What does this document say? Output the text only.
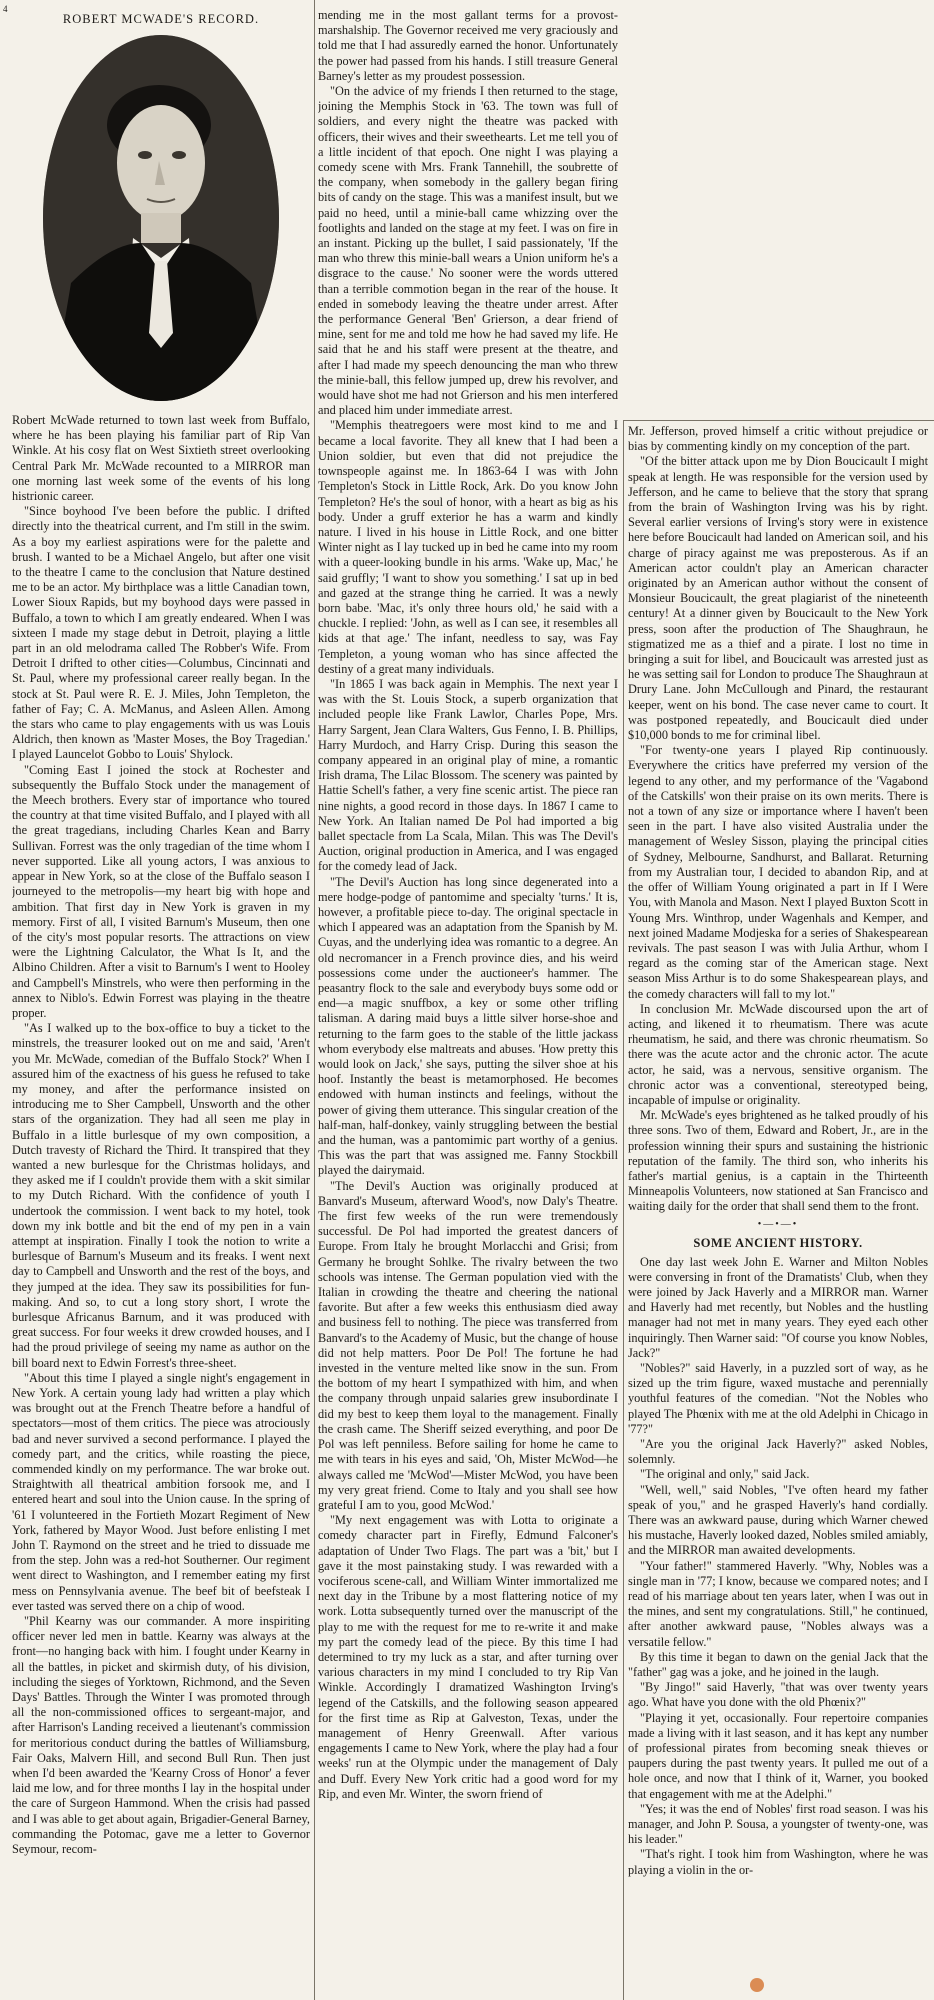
4
ROBERT MCWADE'S RECORD.

Robert McWade returned to town last week from Buffalo, where he has been playing his familiar part of Rip Van Winkle. At his cosy flat on West Sixtieth street overlooking Central Park Mr. McWade recounted to a MIRROR man one morning last week some of the events of his long histrionic career.

"Since boyhood I've been before the public. I drifted directly into the theatrical current, and I'm still in the swim. As a boy my earliest aspirations were for the palette and brush. I wanted to be a Michael Angelo, but after one visit to the theatre I came to the conclusion that Nature destined me to be an actor. My birthplace was a little Canadian town, Lower Sioux Rapids, but my boyhood days were passed in Buffalo, a town to which I am greatly endeared. When I was sixteen I made my stage debut in Detroit, playing a little part in an old melodrama called The Robber's Wife. From Detroit I drifted to other cities—Columbus, Cincinnati and St. Paul, where my professional career really began. In the stock at St. Paul were R. E. J. Miles, John Templeton, the father of Fay; C. A. McManus, and Asleen Allen. Among the stars who came to play engagements with us was Louis Aldrich, then known as 'Master Moses, the Boy Tragedian.' I played Launcelot Gobbo to Louis' Shylock.

"Coming East I joined the stock at Rochester and subsequently the Buffalo Stock under the management of the Meech brothers. Every star of importance who toured the country at that time visited Buffalo, and I played with all the great tragedians, including Charles Kean and Barry Sullivan. Forrest was the only tragedian of the time whom I never supported. Like all young actors, I was anxious to appear in New York, so at the close of the Buffalo season I journeyed to the metropolis—my heart big with hope and ambition. That first day in New York is graven in my memory. First of all, I visited Barnum's Museum, then one of the city's most popular resorts. The attractions on view were the Lightning Calculator, the What Is It, and the Albino Children. After a visit to Barnum's I went to Hooley and Campbell's Minstrels, who were then performing in the annex to Niblo's. Edwin Forrest was playing in the theatre proper.

"As I walked up to the box-office to buy a ticket to the minstrels, the treasurer looked out on me and said, 'Aren't you Mr. McWade, comedian of the Buffalo Stock?' When I assured him of the exactness of his guess he refused to take my money, and after the performance insisted on introducing me to Sher Campbell, Unsworth and the other stars of the organization. They had all seen me play in Buffalo in a little burlesque of my own composition, a Dutch travesty of Richard the Third. It transpired that they wanted a new burlesque for the Christmas holidays, and they asked me if I couldn't provide them with a skit similar to my Dutch Richard. With the confidence of youth I undertook the commission. I went back to my hotel, took down my ink bottle and bit the end of my pen in a vain attempt at inspiration. Finally I took the notion to write a burlesque of Barnum's Museum and its freaks. I went next day to Campbell and Unsworth and the rest of the boys, and they jumped at the idea. They saw its possibilities for fun-making. And so, to cut a long story short, I wrote the burlesque Africanus Barnum, and it was produced with great success. For four weeks it drew crowded houses, and I had the proud privilege of seeing my name as author on the bill board next to Edwin Forrest's three-sheet.

"About this time I played a single night's engagement in New York. A certain young lady had written a play which was brought out at the French Theatre before a handful of spectators—most of them critics. The piece was atrociously bad and never survived a second performance. I played the comedy part, and the critics, while roasting the piece, commended kindly on my performance. The war broke out. Straightwith all theatrical ambition forsook me, and I entered heart and soul into the Union cause. In the spring of '61 I volunteered in the Fortieth Mozart Regiment of New York, fathered by Mayor Wood. Just before enlisting I met John T. Raymond on the street and he tried to dissuade me from the step. John was a red-hot Southerner. Our regiment went direct to Washington, and I remember eating my first mess on Pennsylvania avenue. The beef bit of beefsteak I ever tasted was served there on a chip of wood.

"Phil Kearny was our commander. A more inspiriting officer never led men in battle. Kearny was always at the front—no hanging back with him. I fought under Kearny in all the battles, in picket and skirmish duty, of his division, including the sieges of Yorktown, Richmond, and the Seven Days' Battles. Through the Winter I was promoted through all the non-commissioned offices to sergeant-major, and after Harrison's Landing received a lieutenant's commission for meritorious conduct during the battles of Williamsburg, Fair Oaks, Malvern Hill, and second Bull Run. Then just when I'd been awarded the 'Kearny Cross of Honor' a fever laid me low, and for three months I lay in the hospital under the care of Surgeon Hammond. When the crisis had passed and I was able to get about again, Brigadier-General Barney, commanding the Potomac, gave me a letter to Governor Seymour, recom-

mending me in the most gallant terms for a provost-marshalship. The Governor received me very graciously and told me that I had assuredly earned the honor. Unfortunately the power had passed from his hands. I still treasure General Barney's letter as my proudest possession.

"On the advice of my friends I then returned to the stage, joining the Memphis Stock in '63. The town was full of soldiers, and every night the theatre was packed with officers, their wives and their sweethearts. Let me tell you of a little incident of that epoch. One night I was playing a comedy scene with Mrs. Frank Tannehill, the soubrette of the company, when somebody in the gallery began firing bits of candy on the stage. This was a manifest insult, but we paid no heed, until a minie-ball came whizzing over the footlights and landed on the stage at my feet. I was on fire in an instant. Picking up the bullet, I said passionately, 'If the man who threw this minie-ball wears a Union uniform he's a disgrace to the cause.' No sooner were the words uttered than a terrible commotion began in the rear of the house. It ended in somebody leaving the theatre under arrest. After the performance General 'Ben' Grierson, a dear friend of mine, sent for me and told me how he had saved my life. He said that he and his staff were present at the theatre, and after I had made my speech denouncing the man who threw the minie-ball, this fellow jumped up, drew his revolver, and would have shot me had not Grierson and his men interfered and placed him under immediate arrest.

"Memphis theatregoers were most kind to me and I became a local favorite. They all knew that I had been a Union soldier, but even that did not prejudice the townspeople against me. In 1863-64 I was with John Templeton's Stock in Little Rock, Ark. Do you know John Templeton? He's the soul of honor, with a heart as big as his body. Under a gruff exterior he has a warm and kindly nature. I lived in his house in Little Rock, and one bitter Winter night as I lay tucked up in bed he came into my room with a queer-looking bundle in his arms. 'Wake up, Mac,' he said gruffly; 'I want to show you something.' I sat up in bed and gazed at the strange thing he carried. It was a newly born babe. 'Mac, it's only three hours old,' he said with a chuckle. I replied: 'John, as well as I can see, it resembles all kids at that age.' The infant, needless to say, was Fay Templeton, a young woman who has since affected the destiny of a great many individuals.

"In 1865 I was back again in Memphis. The next year I was with the St. Louis Stock, a superb organization that included people like Frank Lawlor, Charles Pope, Mrs. Harry Sargent, Jean Clara Walters, Gus Fenno, I. B. Phillips, Harry Murdoch, and Harry Crisp. During this season the company appeared in an original play of mine, a romantic Irish drama, The Lilac Blossom. The scenery was painted by Hattie Schell's father, a very fine scenic artist. The piece ran nine nights, a good record in those days. In 1867 I came to New York. An Italian named De Pol had imported a big ballet spectacle from La Scala, Milan. This was The Devil's Auction, original production in America, and I was engaged for the comedy lead of Jack.

"The Devil's Auction has long since degenerated into a mere hodge-podge of pantomime and specialty 'turns.' It is, however, a profitable piece to-day. The original spectacle in which I appeared was an adaptation from the Spanish by M. Cuyas, and the underlying idea was romantic to a degree. An old necromancer in a French province dies, and his weird possessions come under the auctioneer's hammer. The peasantry flock to the sale and everybody buys some odd or end—a magic snuffbox, a key or some other trifling talisman. A daring maid buys a little silver horse-shoe and returning to the farm goes to the stable of the little jackass whom everybody else maltreats and abuses. 'How pretty this would look on Jack,' she says, putting the silver shoe at his hoof. Instantly the beast is metamorphosed. He becomes endowed with human instincts and feelings, without the power of giving them utterance. This singular creation of the half-man, half-donkey, vainly struggling between the bestial and the human, was a pantomimic part worthy of a genius. This was the part that was assigned me. Fanny Stockbill played the dairymaid.

"The Devil's Auction was originally produced at Banvard's Museum, afterward Wood's, now Daly's Theatre. The first few weeks of the run were tremendously successful. De Pol had imported the greatest dancers of Europe. From Italy he brought Morlacchi and Grisi; from Germany he brought Sohlke. The rivalry between the two schools was intense. The German population vied with the Italian in crowding the theatre and cheering the national favorite. But after a few weeks this enthusiasm died away and business fell to nothing. The piece was transferred from Banvard's to the Academy of Music, but the change of house did not help matters. Poor De Pol! The fortune he had invested in the venture melted like snow in the sun. From the bottom of my heart I sympathized with him, and when the company through unpaid salaries grew insubordinate I did my best to keep them loyal to the management. Finally the crash came. The Sheriff seized everything, and poor De Pol was left penniless. Before sailing for home he came to me with tears in his eyes and said, 'Oh, Mister McWod—he always called me 'McWod'—Mister McWod, you have been my very great friend. Come to Italy and you shall see how grateful I am to you, good McWod.'

"My next engagement was with Lotta to originate a comedy character part in Firefly, Edmund Falconer's adaptation of Under Two Flags. The part was a 'bit,' but I gave it the most painstaking study. I was rewarded with a vociferous scene-call, and William Winter immortalized me next day in the Tribune by a most flattering notice of my work. Lotta subsequently turned over the manuscript of the play to me with the request for me to re-write it and make my part the comedy lead of the piece. By this time I had determined to try my luck as a star, and after turning over various characters in my mind I concluded to try Rip Van Winkle. Accordingly I dramatized Washington Irving's legend of the Catskills, and the following season appeared for the first time as Rip at Galveston, Texas, under the management of Henry Greenwall. After various engagements I came to New York, where the play had a four weeks' run at the Olympic under the management of Daly and Duff. Every New York critic had a good word for my Rip, and even Mr. Winter, the sworn friend of

Mr. Jefferson, proved himself a critic without prejudice or bias by commenting kindly on my conception of the part.

"Of the bitter attack upon me by Dion Boucicault I might speak at length. He was responsible for the version used by Jefferson, and he came to believe that the story that sprang from the brain of Washington Irving was his by right. Several earlier versions of Irving's story were in existence here before Boucicault had landed on American soil, and his charge of piracy against me was preposterous. As if an American actor couldn't play an American character originated by an American author without the consent of Monsieur Boucicault, the great plagiarist of the nineteenth century! At a dinner given by Boucicault to the New York press, soon after the production of The Shaughraun, he stigmatized me as a thief and a pirate. I lost no time in bringing a suit for libel, and Boucicault was arrested just as he was setting sail for London to produce The Shaughraun at Drury Lane. John McCullough and Pinard, the restaurant keeper, went on his bond. The case never came to court. It was postponed repeatedly, and Boucicault died under $10,000 bonds to me for criminal libel.

"For twenty-one years I played Rip continuously. Everywhere the critics have preferred my version of the legend to any other, and my performance of the 'Vagabond of the Catskills' won their praise on its own merits. There is not a town of any size or importance where I haven't been seen in the part. I have also visited Australia under the management of Wesley Sisson, playing the principal cities of Sydney, Melbourne, Sandhurst, and Ballarat. Returning from my Australian tour, I decided to abandon Rip, and at the offer of William Young originated a part in If I Were You, with Manola and Mason. Next I played Buxton Scott in Young Mrs. Winthrop, under Wagenhals and Kemper, and next joined Madame Modjeska for a series of Shakespearean revivals. The past season I was with Julia Arthur, whom I regard as the coming star of the American stage. Next season Miss Arthur is to do some Shakespearean plays, and the comedy characters will fall to my lot."

In conclusion Mr. McWade discoursed upon the art of acting, and likened it to rheumatism. There was acute rheumatism, he said, and there was chronic rheumatism. So there was the acute actor and the chronic actor. The acute actor, he said, was a nervous, sensitive organism. The chronic actor was a conventional, stereotyped being, incapable of impulse or originality.

Mr. McWade's eyes brightened as he talked proudly of his three sons. Two of them, Edward and Robert, Jr., are in the profession winning their spurs and sustaining the histrionic reputation of the family. The third son, who inherits his father's martial genius, is a captain in the Thirteenth Minneapolis Volunteers, now stationed at San Francisco and waiting daily for the order that shall send them to the front.

•—•—•
SOME ANCIENT HISTORY.

One day last week John E. Warner and Milton Nobles were conversing in front of the Dramatists' Club, when they were joined by Jack Haverly and a MIRROR man. Warner and Haverly had met recently, but Nobles and the hustling manager had not met in many years. They eyed each other inquiringly. Then Warner said: "Of course you know Nobles, Jack?"

"Nobles?" said Haverly, in a puzzled sort of way, as he sized up the trim figure, waxed mustache and perennially youthful features of the comedian. "Not the Nobles who played The Phœnix with me at the old Adelphi in Chicago in '77?"

"Are you the original Jack Haverly?" asked Nobles, solemnly.

"The original and only," said Jack.

"Well, well," said Nobles, "I've often heard my father speak of you," and he grasped Haverly's hand cordially. There was an awkward pause, during which Warner chewed his mustache, Haverly looked dazed, Nobles smiled amiably, and the MIRROR man awaited developments.

"Your father!" stammered Haverly. "Why, Nobles was a single man in '77; I know, because we compared notes; and I read of his marriage about ten years later, when I was out in the mines, and sent my congratulations. Still," he continued, after another awkward pause, "Nobles always was a versatile fellow."

By this time it began to dawn on the genial Jack that the "father" gag was a joke, and he joined in the laugh.

"By Jingo!" said Haverly, "that was over twenty years ago. What have you done with the old Phœnix?"

"Playing it yet, occasionally. Four repertoire companies made a living with it last season, and it has kept any number of professional pirates from becoming sneak thieves or paupers during the past twenty years. It pulled me out of a hole once, and now that I think of it, Warner, you booked that engagement with me at the Adelphi."

"Yes; it was the end of Nobles' first road season. I was his manager, and John P. Sousa, a youngster of twenty-one, was his leader."

"That's right. I took him from Washington, where he was playing a violin in the or-
